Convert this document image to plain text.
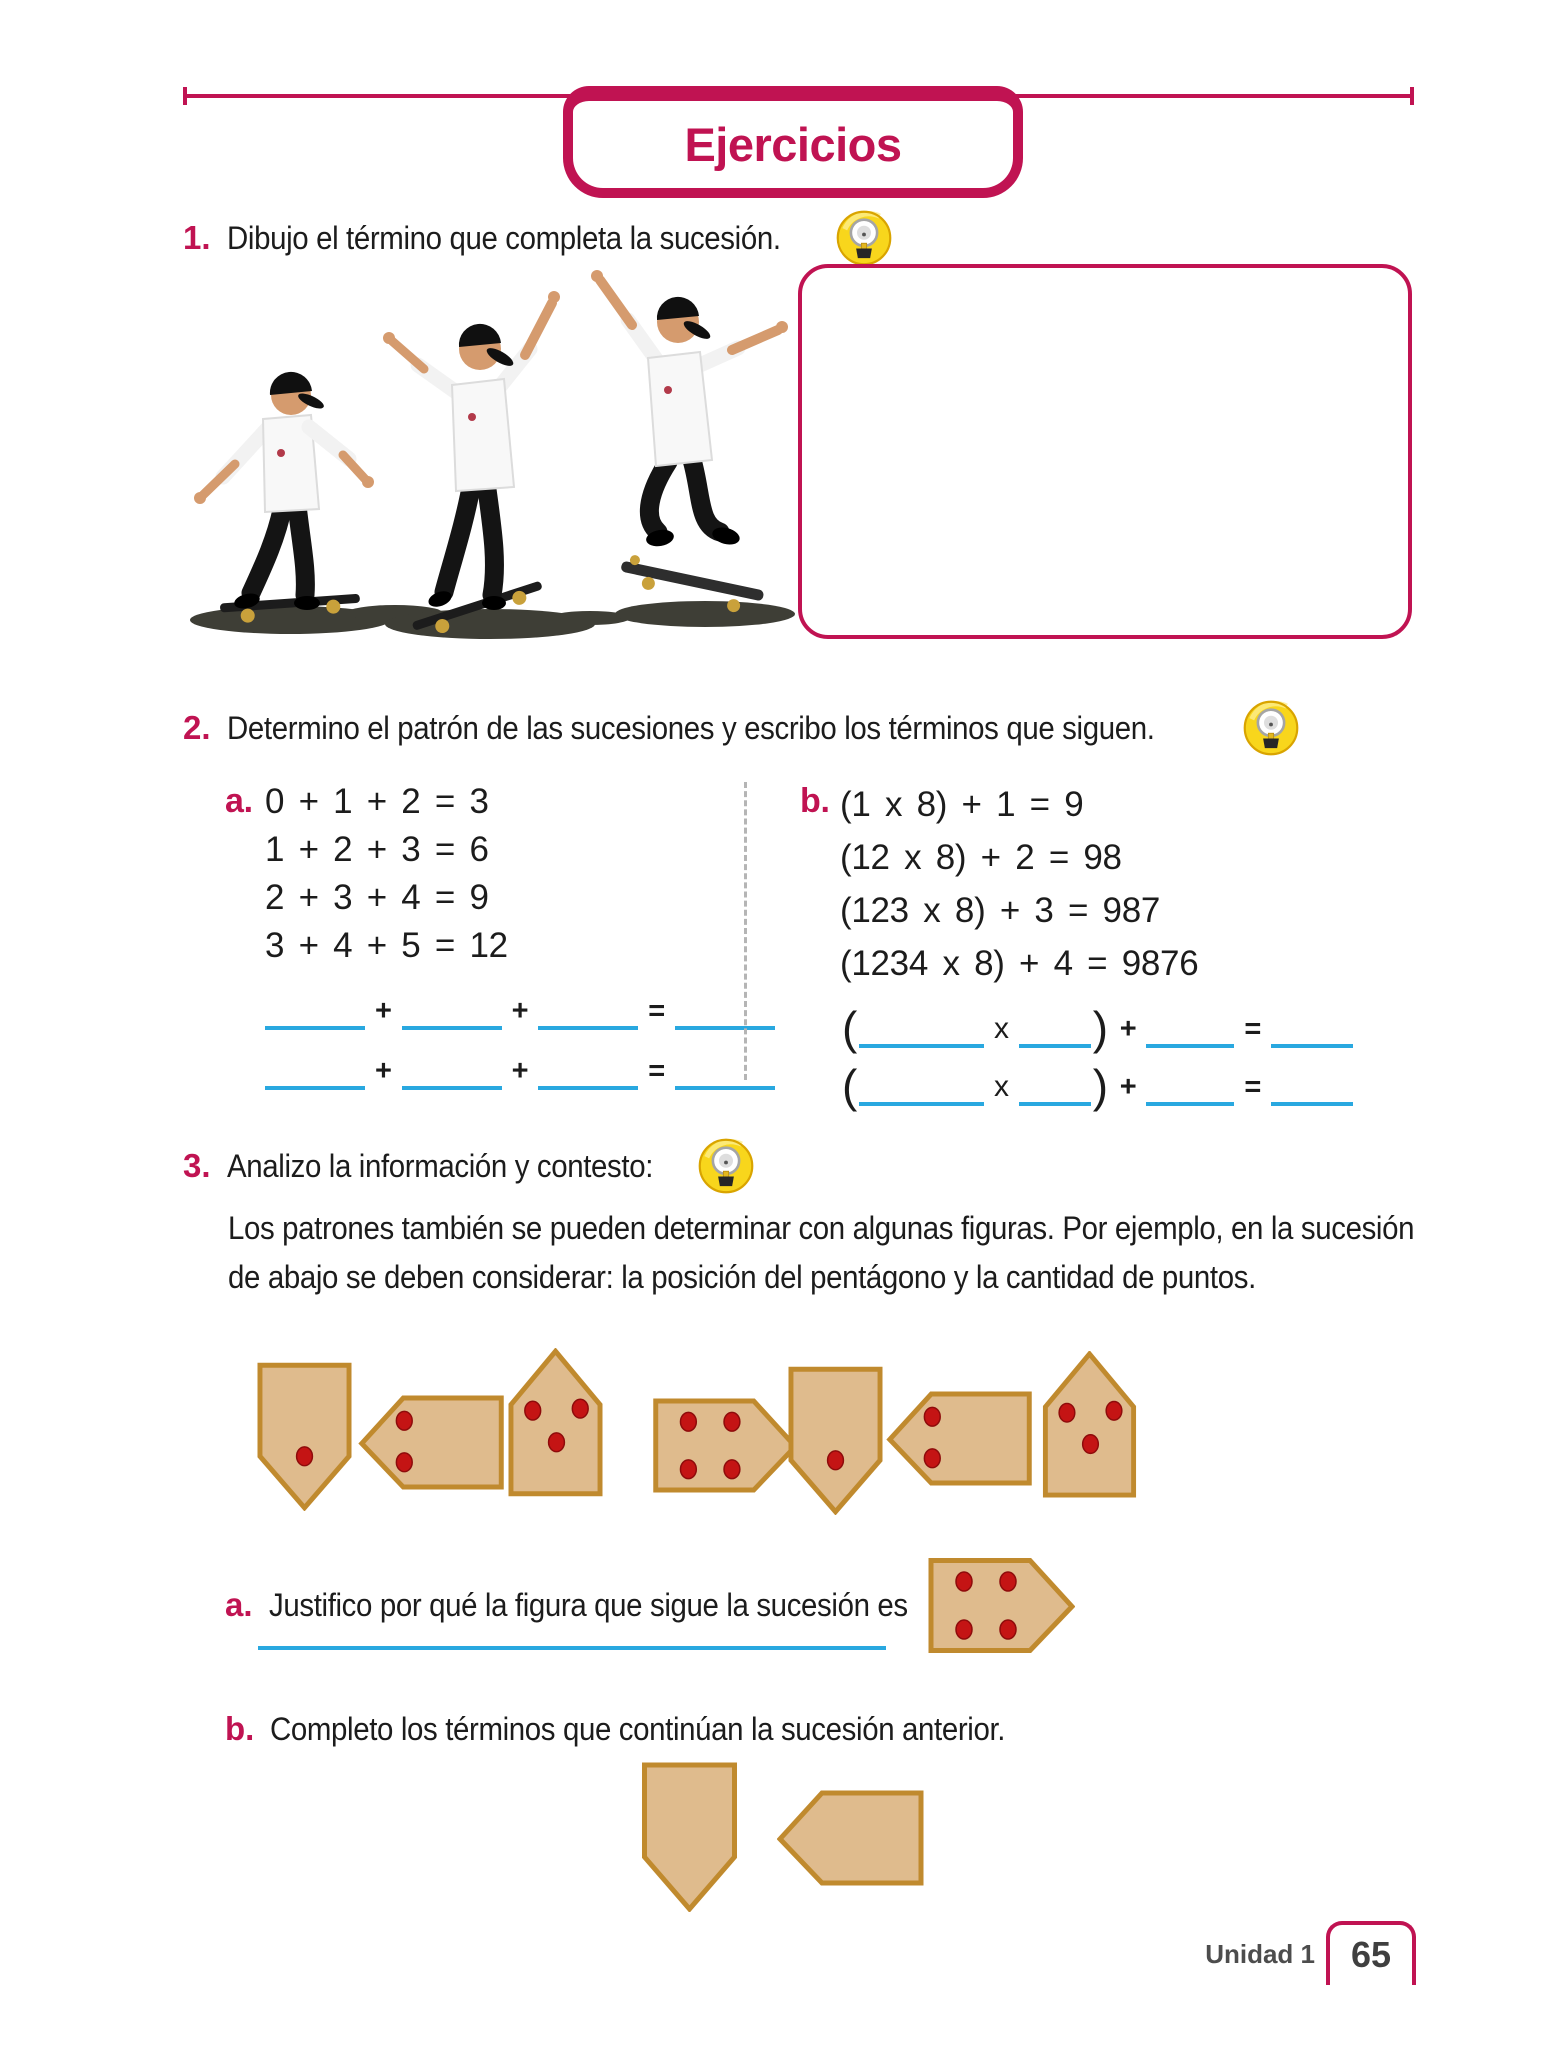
Ejercicios
1. Dibujo el término que completa la sucesión.
2. Determino el patrón de las sucesiones y escribo los términos que siguen.
a. 0 + 1 + 2 = 3
1 + 2 + 3 = 6
2 + 3 + 4 = 9
3 + 4 + 5 = 12
+	+	=
+	+	=
b. (1 x 8) + 1 = 9
(12 x 8) + 2 = 98
(123 x 8) + 3 = 987
(1234 x 8) + 4 = 9876
(	x ) +	=
(	x ) +	=
3. Analizo la información y contesto:
Los patrones también se pueden determinar con algunas figuras. Por ejemplo, en la sucesión de abajo se deben considerar: la posición del pentágono y la cantidad de puntos.
a. Justifico por qué la figura que sigue la sucesión es
b. Completo los términos que continúan la sucesión anterior.
Unidad 1 65
